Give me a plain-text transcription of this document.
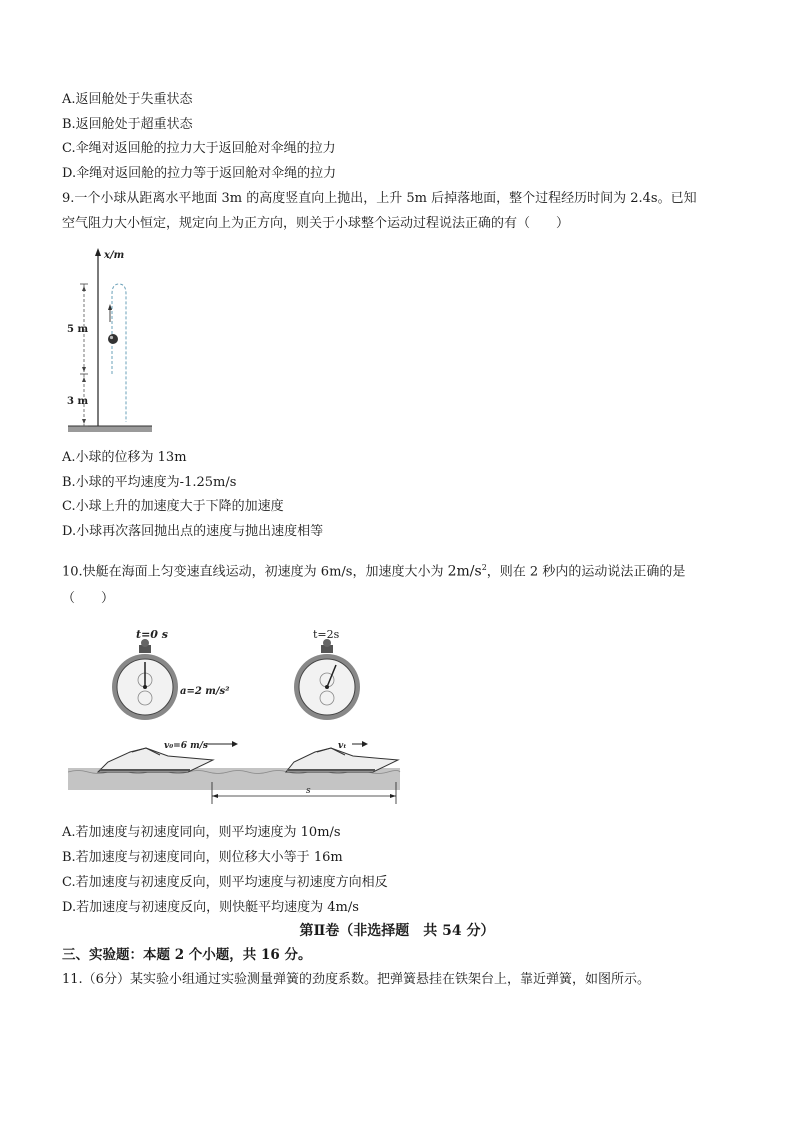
A.返回舱处于失重状态
B.返回舱处于超重状态
C.伞绳对返回舱的拉力大于返回舱对伞绳的拉力
D.伞绳对返回舱的拉力等于返回舱对伞绳的拉力
9.一个小球从距离水平地面 3m 的高度竖直向上抛出，上升 5m 后掉落地面，整个过程经历时间为 2.4s。已知
空气阻力大小恒定，规定向上为正方向，则关于小球整个运动过程说法正确的有（　　）
x/m
5 m
3 m
A.小球的位移为 13m
B.小球的平均速度为-1.25m/s
C.小球上升的加速度大于下降的加速度
D.小球再次落回抛出点的速度与抛出速度相等
10.快艇在海面上匀变速直线运动，初速度为 6m/s，加速度大小为 $2m/s^2$，则在 2 秒内的运动说法正确的是
（　　）
t=0 s
a=2 m/s²
t=2s
v₀=6 m/s	vₜ
s
A.若加速度与初速度同向，则平均速度为 10m/s
B.若加速度与初速度同向，则位移大小等于 16m
C.若加速度与初速度反向，则平均速度与初速度方向相反
D.若加速度与初速度反向，则快艇平均速度为 4m/s
第Ⅱ卷（非选择题　共 54 分）
三、实验题：本题 2 个小题，共 16 分。
11.（6分）某实验小组通过实验测量弹簧的劲度系数。把弹簧悬挂在铁架台上，靠近弹簧，如图所示。
